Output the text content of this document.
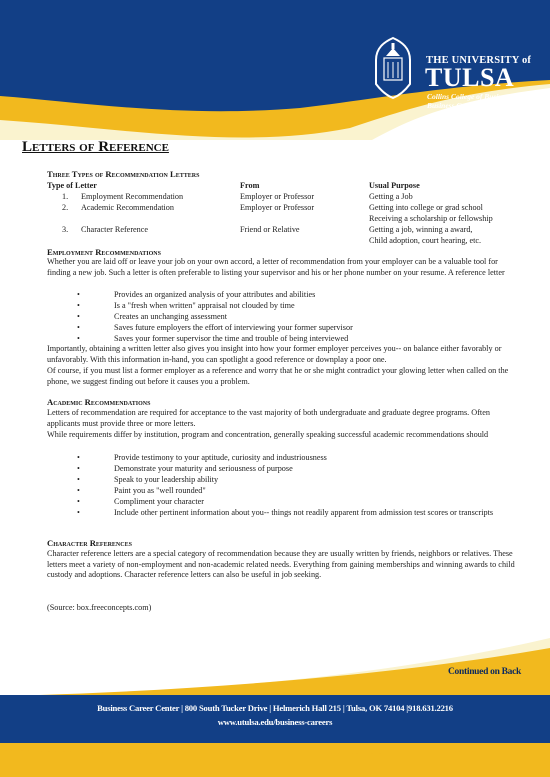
THE UNIVERSITY of
TULSA
Collins College of Business
Business Career Center
Letters of Reference
Three Types of Recommendation Letters
Type of Letter	From	Usual Purpose
1. Employment Recommendation	Employer or Professor	Getting a Job
2. Academic Recommendation	Employer or Professor	Getting into college or grad school
Receiving a scholarship or fellowship
3. Character Reference	Friend or Relative	Getting a job, winning a award,
Child adoption, court hearing, etc.
Employment Recommendations
Whether you are laid off or leave your job on your own accord, a letter of recommendation from your employer can be a valuable tool for finding a new job. Such a letter is often preferable to listing your supervisor and his or her phone number on your resume. A reference letter
•	Provides an organized analysis of your attributes and abilities
•	Is a "fresh when written" appraisal not clouded by time
•	Creates an unchanging assessment
•	Saves future employers the effort of interviewing your former supervisor
•	Saves your former supervisor the time and trouble of being interviewed
Importantly, obtaining a written letter also gives you insight into how your former employer perceives you-- on balance either favorably or unfavorably. With this information in-hand, you can spotlight a good reference or downplay a poor one.
Of course, if you must list a former employer as a reference and worry that he or she might contradict your glowing letter when called on the phone, we suggest finding out before it causes you a problem.
Academic Recommendations
Letters of recommendation are required for acceptance to the vast majority of both undergraduate and graduate degree programs. Often applicants must provide three or more letters.
While requirements differ by institution, program and concentration, generally speaking successful academic recommendations should
•	Provide testimony to your aptitude, curiosity and industriousness
•	Demonstrate your maturity and seriousness of purpose
•	Speak to your leadership ability
•	Paint you as "well rounded"
•	Compliment your character
•	Include other pertinent information about you-- things not readily apparent from admission test scores or transcripts
Character References
Character reference letters are a special category of recommendation because they are usually written by friends, neighbors or relatives. These letters meet a variety of non-employment and non-academic related needs. Everything from gaining memberships and winning awards to child custody and adoptions. Character reference letters can also be useful in job seeking.
(Source: box.freeconcepts.com)
Continued on Back
Business Career Center | 800 South Tucker Drive | Helmerich Hall 215 | Tulsa, OK 74104 |918.631.2216
www.utulsa.edu/business-careers
